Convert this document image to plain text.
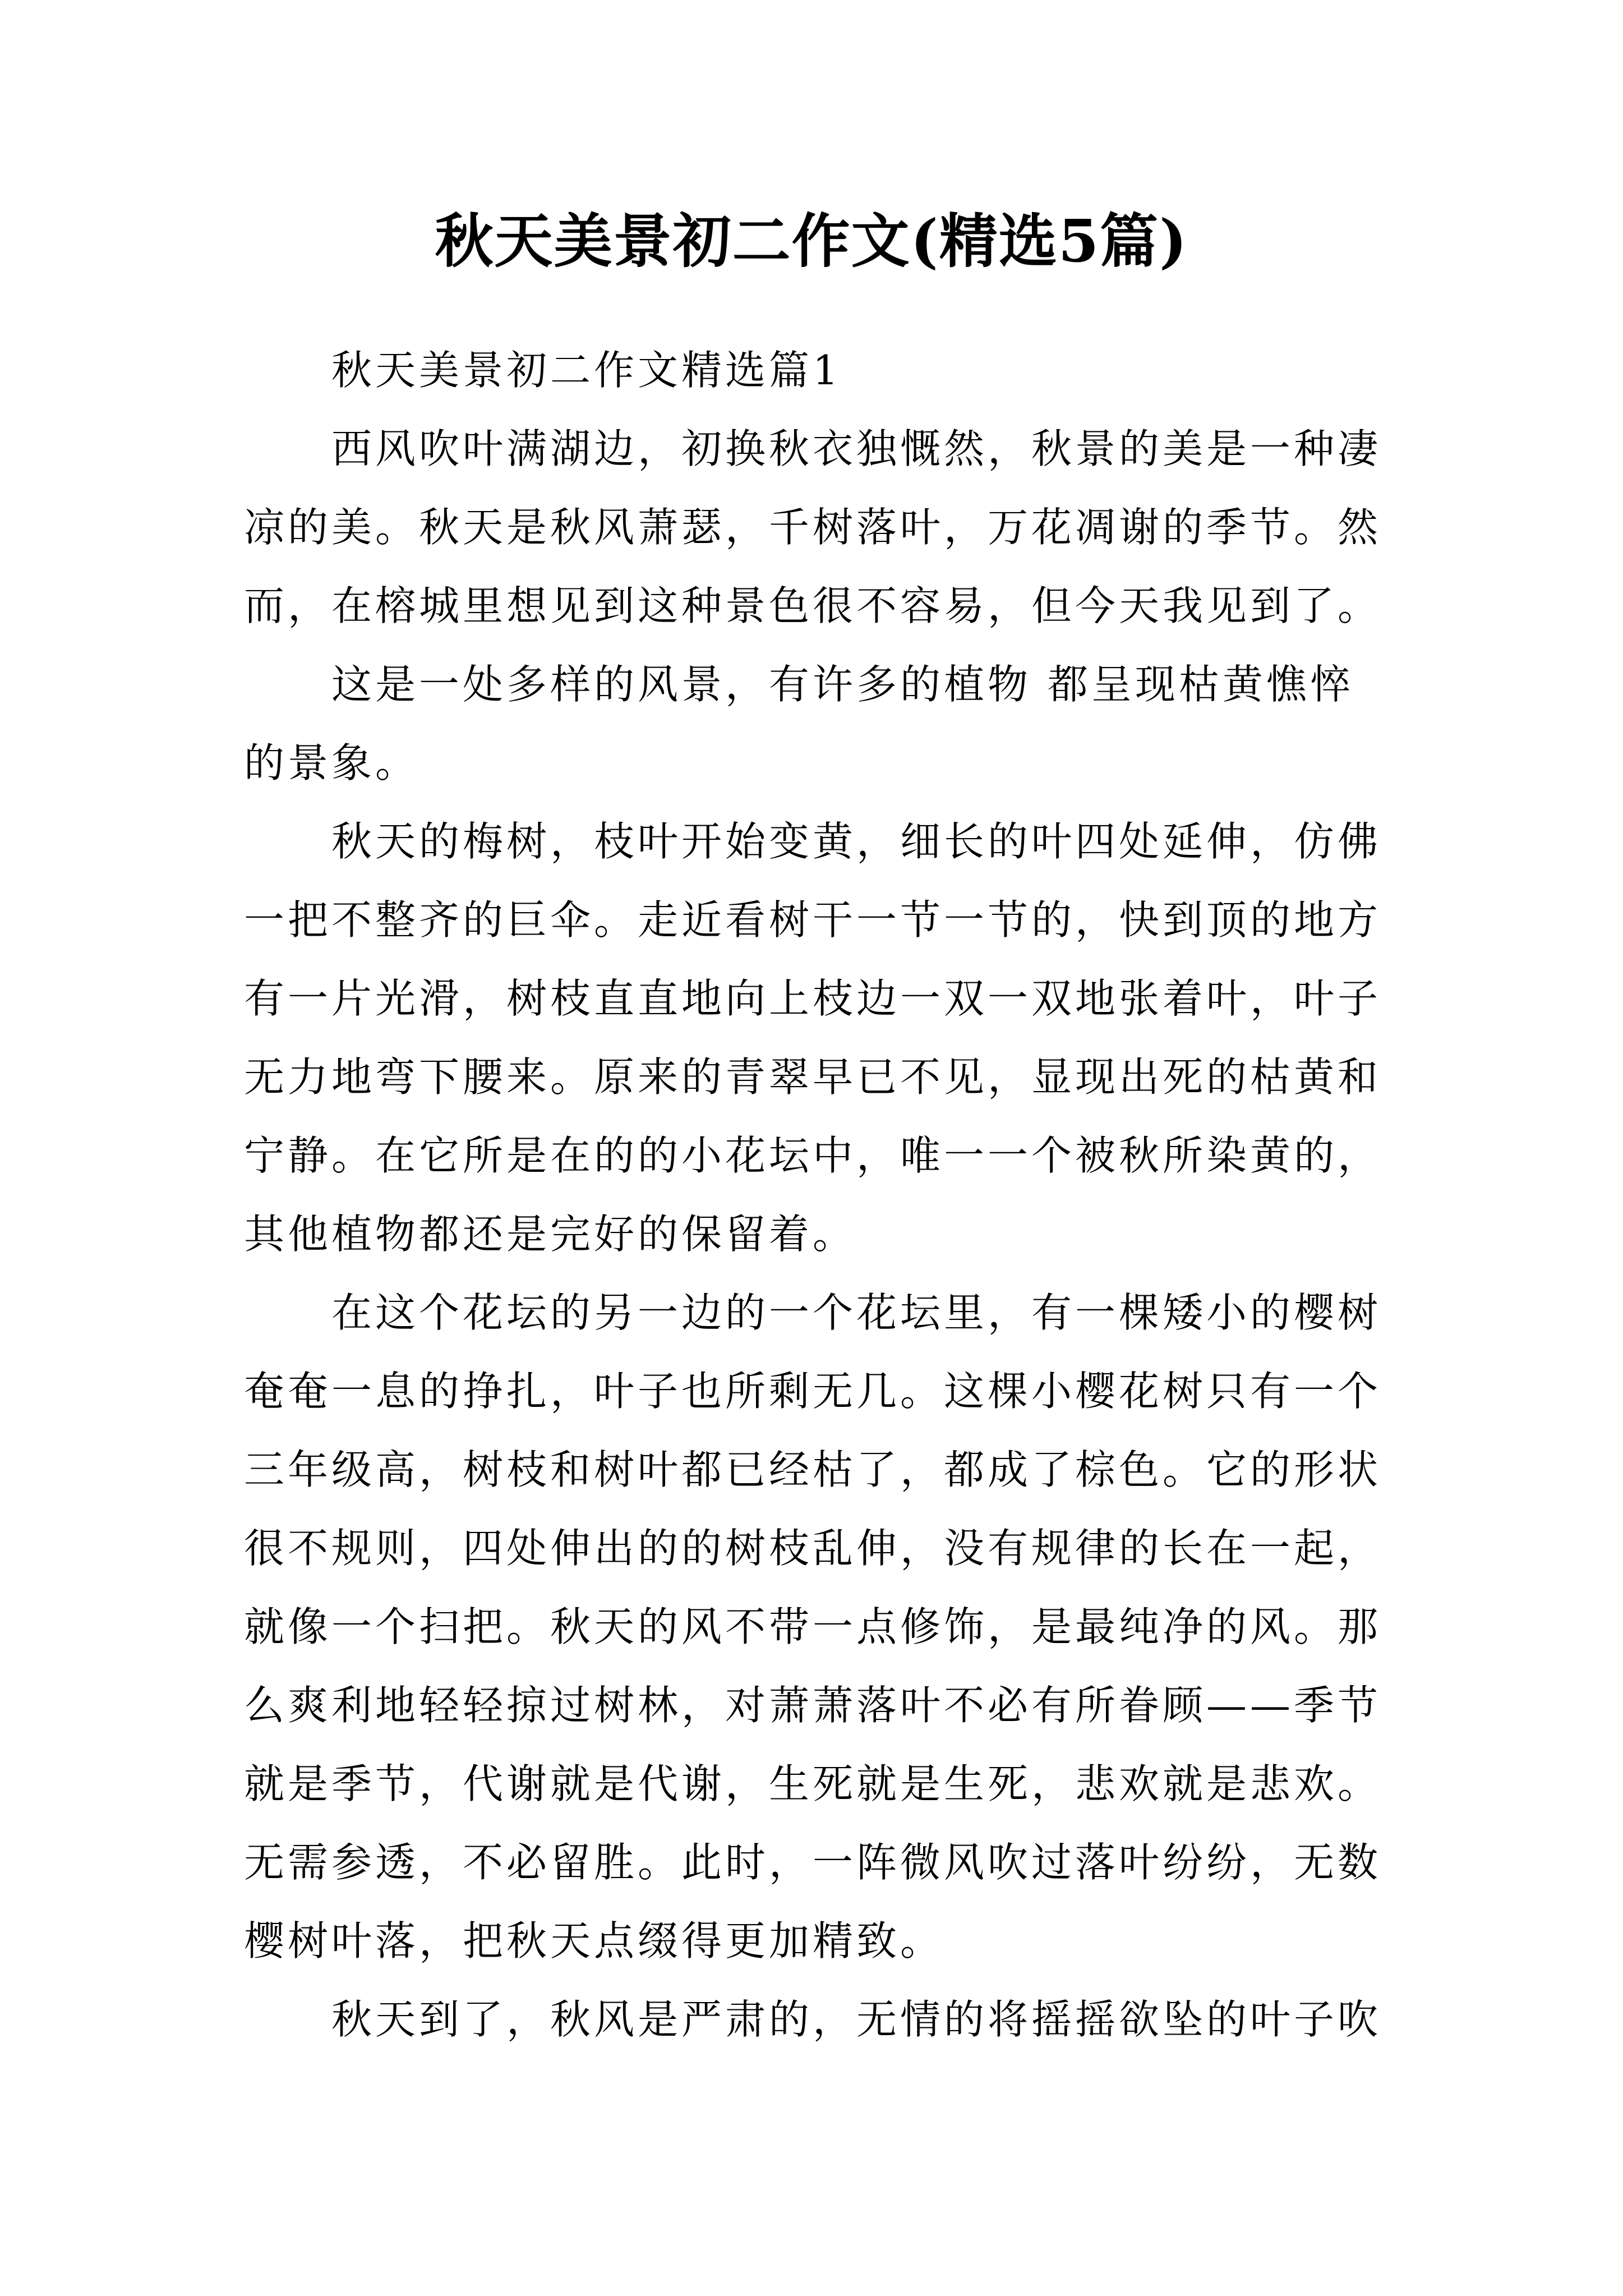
秋天美景初二作文(精选5篇)

秋天美景初二作文精选篇1

西风吹叶满湖边，初换秋衣独慨然，秋景的美是一种凄凉的美。秋天是秋风萧瑟，千树落叶，万花凋谢的季节。然而，在榕城里想见到这种景色很不容易，但今天我见到了。

这是一处多样的风景，有许多的植物 都呈现枯黄憔悴的景象。

秋天的梅树，枝叶开始变黄，细长的叶四处延伸，仿佛一把不整齐的巨伞。走近看树干一节一节的，快到顶的地方有一片光滑，树枝直直地向上枝边一双一双地张着叶，叶子无力地弯下腰来。原来的青翠早已不见，显现出死的枯黄和宁静。在它所是在的的小花坛中，唯一一个被秋所染黄的，其他植物都还是完好的保留着。

在这个花坛的另一边的一个花坛里，有一棵矮小的樱树奄奄一息的挣扎，叶子也所剩无几。这棵小樱花树只有一个三年级高，树枝和树叶都已经枯了，都成了棕色。它的形状很不规则，四处伸出的的树枝乱伸，没有规律的长在一起，就像一个扫把。秋天的风不带一点修饰，是最纯净的风。那么爽利地轻轻掠过树林，对萧萧落叶不必有所眷顾——季节就是季节，代谢就是代谢，生死就是生死，悲欢就是悲欢。无需参透，不必留胜。此时，一阵微风吹过落叶纷纷，无数樱树叶落，把秋天点缀得更加精致。

秋天到了，秋风是严肃的，无情的将摇摇欲坠的叶子吹
